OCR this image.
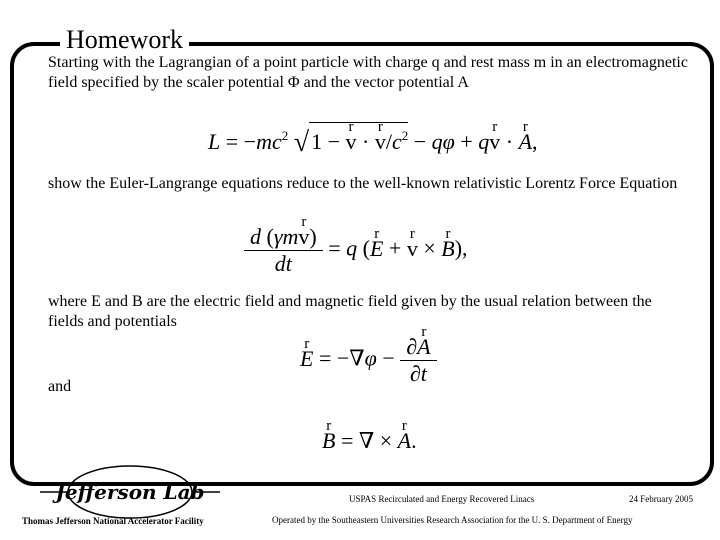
Homework
Starting with the Lagrangian of a point particle with charge q and rest mass m in an electromagnetic field specified by the scaler potential Φ and the vector potential A
$L = -mc^2$ √1 − r v · r $v/c^2 - q\varphi$ + qr v · r A,
show the Euler-Langrange equations reduce to the well-known relativistic Lorentz Force Equation
$\frac{\text{d (γmr v)}}{dt} = q$ (r E + r v × r B),
where E and B are the electric field and magnetic field given by the usual relation between the fields and potentials
r $E = -\nabla\varphi - \frac{\text{∂r A}}{\partial t}$
and
r B = ∇ × r A.
Jefferson Lab
Thomas Jefferson National Accelerator Facility
USPAS Recirculated and Energy Recovered Linacs
Operated by the Southeastern Universities Research Association for the U. S. Department of Energy
24 February 2005
